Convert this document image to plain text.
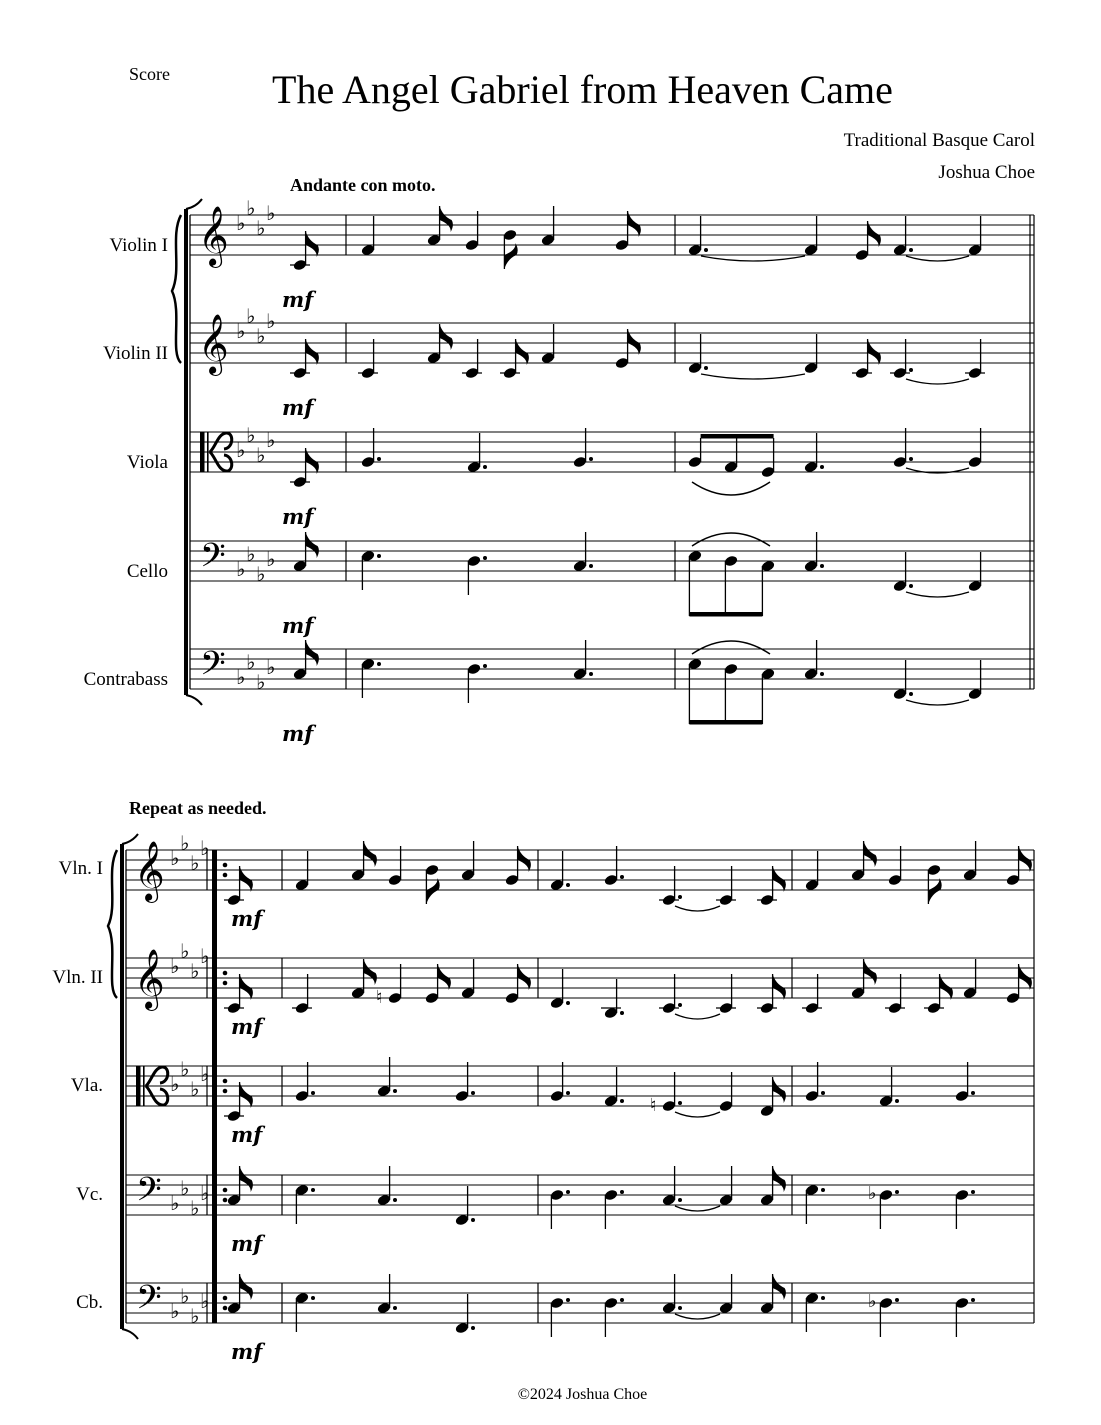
Score	The Angel Gabriel from Heaven Came
Traditional Basque Carol
Joshua Choe
Andante con moto.
Repeat as needed.
©2024 Joshua Choe
Violin I
Violin II
Viola
Cello
Contrabass
Vln. I
Vln. II
Vla.
Vc.
Cb.
𝄞 ♭
♭
♭
♭
𝄞 ♭
♭
♭
♭
♭
♭
♭
♭
𝄢 ♭
♭
♭
♭
𝄢 ♭
♭
♭
♭
mf
mf
mf
mf
mf
𝄞 ♭
♭
♭
♭
𝄞 ♭
♭
♭
♭
♭
♭
♭
♭
𝄢 ♭
♭
♭
♭
𝄢 ♭
♭
♭
♭
mf
mf
♮
mf
♮
mf
♭
mf
♭
